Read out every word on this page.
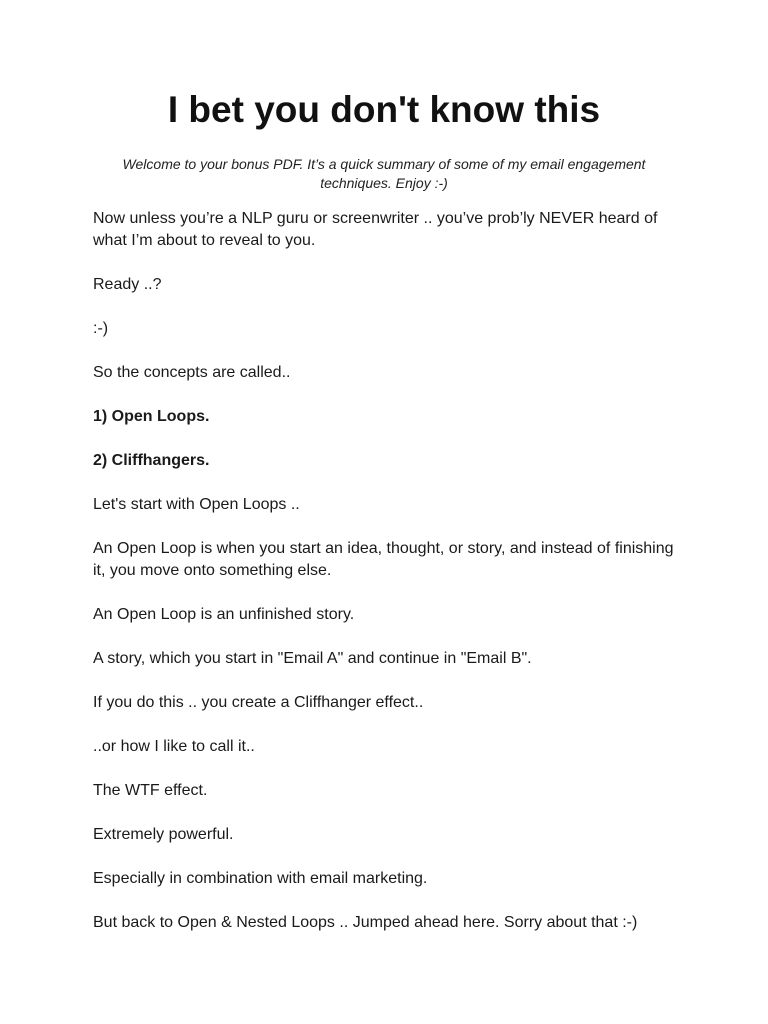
I bet you don't know this

Welcome to your bonus PDF. It’s a quick summary of some of my email engagement techniques. Enjoy :-)

Now unless you’re a NLP guru or screenwriter .. you’ve prob’ly NEVER heard of what I’m about to reveal to you.

Ready ..?

:-)

So the concepts are called..

1) Open Loops.

2) Cliffhangers.

Let's start with Open Loops ..

An Open Loop is when you start an idea, thought, or story, and instead of finishing it, you move onto something else.

An Open Loop is an unfinished story.

A story, which you start in "Email A" and continue in "Email B".

If you do this .. you create a Cliffhanger effect..

..or how I like to call it..

The WTF effect.

Extremely powerful.

Especially in combination with email marketing.

But back to Open & Nested Loops .. Jumped ahead here. Sorry about that :-)
